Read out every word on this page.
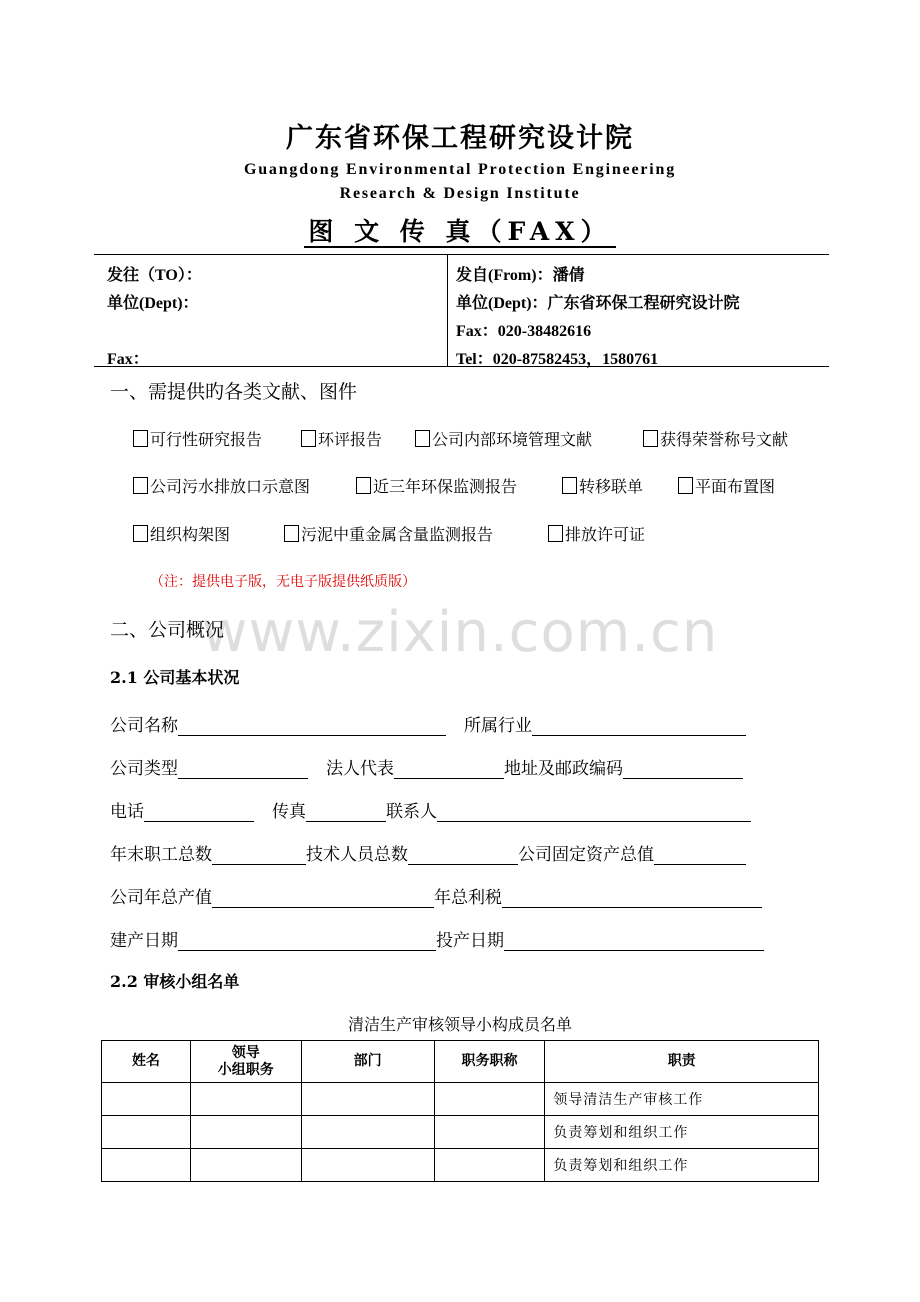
广东省环保工程研究设计院
Guangdong Environmental Protection Engineering
Research & Design Institute
图 文 传 真（FAX）
发往（TO）：
单位(Dept)：
Fax：
发自(From)：潘倩
单位(Dept)：广东省环保工程研究设计院
Fax：020-38482616
Tel：020-87582453，1580761
一、需提供旳各类文献、图件
可行性研究报告	环评报告	公司内部环境管理文献	获得荣誉称号文献
公司污水排放口示意图	近三年环保监测报告	转移联单	平面布置图
组织构架图	污泥中重金属含量监测报告	排放许可证
（注：提供电子版，无电子版提供纸质版）
www.zixin.com.cn
二、公司概况
2.1 公司基本状况
公司名称	所属行业
公司类型	法人代表	地址及邮政编码
电话	传真	联系人
年末职工总数	技术人员总数	公司固定资产总值
公司年总产值	年总利税
建产日期	投产日期
2.2 审核小组名单
清洁生产审核领导小构成员名单
姓名	领导
小组职务	部门	职务职称	职责
				领导清洁生产审核工作
				负责筹划和组织工作
				负责筹划和组织工作
